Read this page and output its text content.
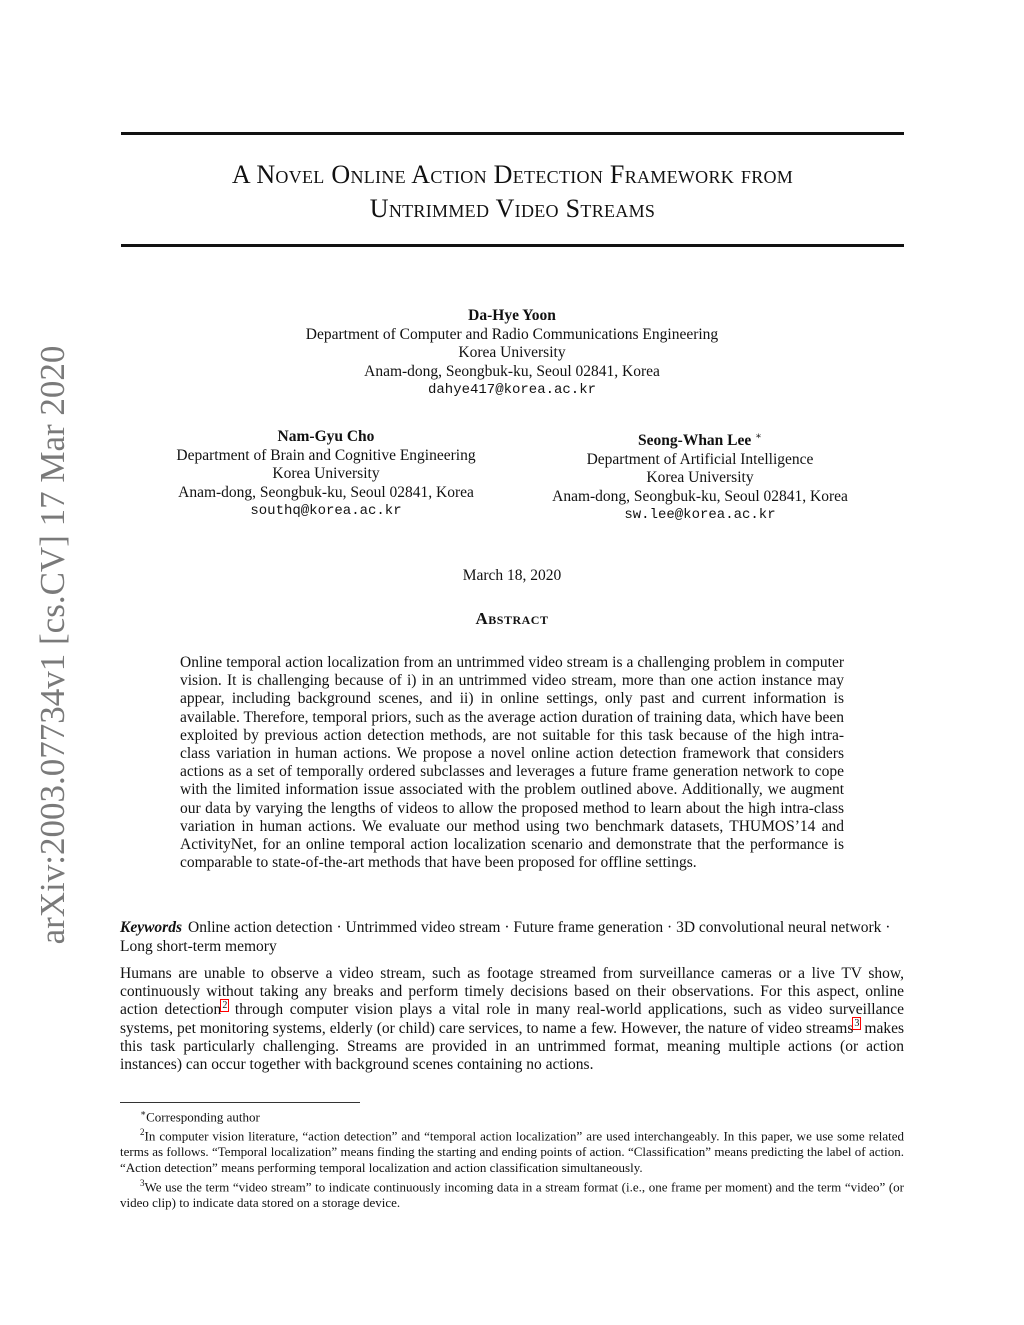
arXiv:2003.07734v1 [cs.CV] 17 Mar 2020
A Novel Online Action Detection Framework from
Untrimmed Video Streams
Da-Hye Yoon
Department of Computer and Radio Communications Engineering
Korea University
Anam-dong, Seongbuk-ku, Seoul 02841, Korea
dahye417@korea.ac.kr
Nam-Gyu Cho
Department of Brain and Cognitive Engineering
Korea University
Anam-dong, Seongbuk-ku, Seoul 02841, Korea
southq@korea.ac.kr
Seong-Whan Lee ∗
Department of Artificial Intelligence
Korea University
Anam-dong, Seongbuk-ku, Seoul 02841, Korea
sw.lee@korea.ac.kr
March 18, 2020
Abstract
Online temporal action localization from an untrimmed video stream is a challenging problem in computer vision. It is challenging because of i) in an untrimmed video stream, more than one action instance may appear, including background scenes, and ii) in online settings, only past and current information is available. Therefore, temporal priors, such as the average action duration of training data, which have been exploited by previous action detection methods, are not suitable for this task because of the high intra-class variation in human actions. We propose a novel online action detection framework that considers actions as a set of temporally ordered subclasses and leverages a future frame generation network to cope with the limited information issue associated with the problem outlined above. Additionally, we augment our data by varying the lengths of videos to allow the proposed method to learn about the high intra-class variation in human actions. We evaluate our method using two benchmark datasets, THUMOS’14 and ActivityNet, for an online temporal action localization scenario and demonstrate that the performance is comparable to state-of-the-art methods that have been proposed for offline settings.
Keywords Online action detection · Untrimmed video stream · Future frame generation · 3D convolutional neural network · Long short-term memory
Humans are unable to observe a video stream, such as footage streamed from surveillance cameras or a live TV show, continuously without taking any breaks and perform timely decisions based on their observations. For this aspect, online action detection$^2$ through computer vision plays a vital role in many real-world applications, such as video surveillance systems, pet monitoring systems, elderly (or child) care services, to name a few. However, the nature of video streams$^3$ makes this task particularly challenging. Streams are provided in an untrimmed format, meaning multiple actions (or action instances) can occur together with background scenes containing no actions.

∗Corresponding author

$^2$In computer vision literature, “action detection” and “temporal action localization” are used interchangeably. In this paper, we use some related terms as follows. “Temporal localization” means finding the starting and ending points of action. “Classification” means predicting the label of action. “Action detection” means performing temporal localization and action classification simultaneously.

$^3$We use the term “video stream” to indicate continuously incoming data in a stream format (i.e., one frame per moment) and the term “video” (or video clip) to indicate data stored on a storage device.
